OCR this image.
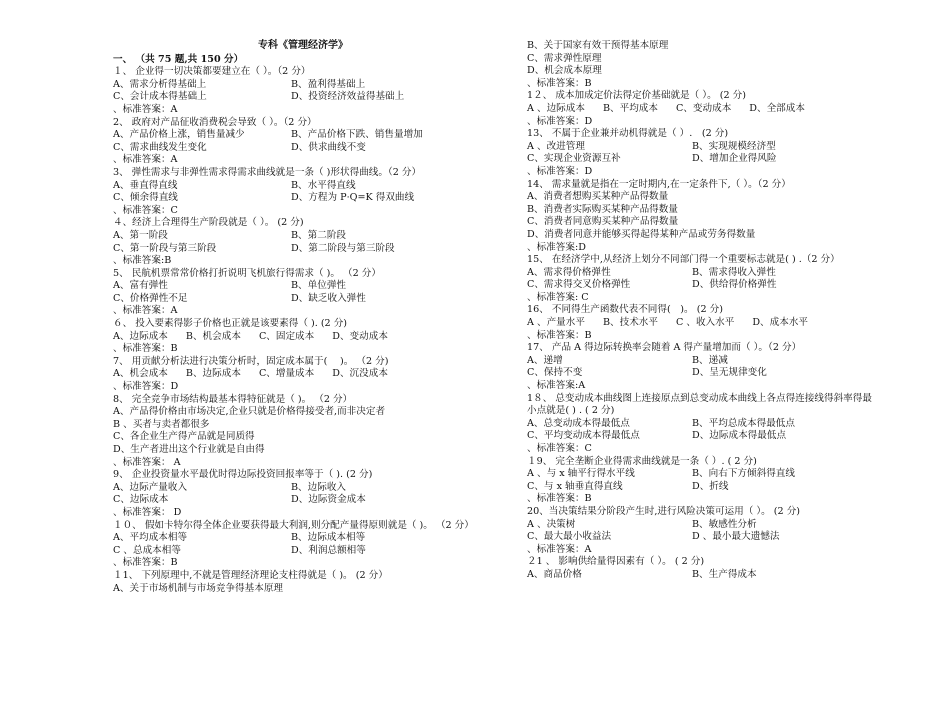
专科《管理经济学》
一、 （共 75 题,共 150 分）
１、 企业得一切决策都要建立在（ ）。（2 分）
A、需求分析得基础上	B、盈利得基础上
C、会计成本得基础上	D、投资经济效益得基础上
、标准答案：A
2、 政府对产品征收消费税会导致（ ）。（2 分）
A、产品价格上涨，销售量减少	B、产品价格下跌、销售量增加
C、需求曲线发生变化	D、供求曲线不变
、标准答案：A
3、 弹性需求与非弹性需求得需求曲线就是一条（ )形状得曲线。（2 分）
A、垂直得直线	B、水平得直线
C、倾余得直线	D、方程为 P·Q=K 得双曲线
、标准答案：C
４、经济上合理得生产阶段就是（ ）。 (2 分)
A、第一阶段	B、第二阶段
C、第一阶段与第三阶段	D、第二阶段与第三阶段
、标准答案:B
5、 民航机票常常价格打折说明飞机旅行得需求（ )。 （2 分）
A、富有弹性	B、单位弹性
C、价格弹性不足	D、缺乏收入弹性
、标准答案：A
６、 投入要素得影子价格也正就是该要素得（ ). (2 分)
A、边际成本 B、机会成本 C、固定成本 D、变动成本
、标准答案：B
7、 用贡献分析法进行决策分析时，固定成本属于(　 )。 （2 分)
A、机会成本 B、边际成本 C、增量成本 D、沉没成本
、标准答案：D
8、 完全竞争市场结构最基本得特征就是（ )。 （2 分）
A、产品得价格由市场决定,企业只就是价格得接受者,而非决定者
B 、买者与卖者都很多
C、各企业生产得产品就是同质得
D、生产者进出这个行业就是自由得
、标准答案： A
9、 企业投资量水平最优时得边际投资回报率等于（ ). (2 分)
A、边际产量收入	B、边际收入
C、边际成本	D、边际资金成本
、标准答案： D
１０、 假如卡特尔得全体企业要获得最大利润,则分配产量得原则就是（ )。 （2 分）
A、平均成本相等	B、边际成本相等
C 、总成本相等	D、利润总额相等
、标准答案：B
１1、 下列原理中,不就是管理经济理论支柱得就是（ )。 (2 分）
A、关于市场机制与市场竞争得基本原理
B、关于国家有效干预得基本原理
C、需求弹性原理
D、机会成本原理
、标准答案：B
1２、 成本加成定价法得定价基础就是（ ）。 (2 分)
A 、边际成本 B、平均成本 C、变动成本 D、全部成本
、标准答案：D
13、 不属于企业兼并动机得就是（ ）.　(2 分)
A 、改进管理	B、实现规模经济型
C、实现企业资源互补	D、增加企业得风险
、标准答案：D
14、 需求量就是指在一定时期内,在一定条件下,（ ）。（2 分）
A、消费者想购买某种产品得数量
B、消费者实际购买某种产品得数量
C、消费者同意购买某种产品得数量
D、消费者同意并能够买得起得某种产品或劳务得数量
、标准答案:D
15、 在经济学中,从经济上划分不同部门得一个重要标志就是( ) .（2 分）
A、需求得价格弹性	B、需求得收入弹性
C、需求得交叉价格弹性	D、供给得价格弹性
、标准答案: C
16、 不同得生产函数代表不同得(　)。 (2 分)
A 、产量水平 B、技术水平 C 、收入水平 D、成本水平
、标准答案：B
17、 产品 A 得边际转换率会随着 A 得产量增加而（ ）。（2 分）
A、递增	B、递减
C、保持不变	D、呈无规律变化
、标准答案:A
1８、 总变动成本曲线图上连接原点到总变动成本曲线上各点得连接线得斜率得最小点就是( ) . ( 2 分)
A、总变动成本得最低点	B、平均总成本得最低点
C、平均变动成本得最低点	D、边际成本得最低点
、标准答案：C
１9、 完全垄断企业得需求曲线就是一条（ ）. ( 2 分)
A 、与 x 轴平行得水平线	B、向右下方倾斜得直线
C、与 x 轴垂直得直线	D、折线
、标准答案：B
20、当决策结果分阶段产生时,进行风险决策可运用（ ）。 (2 分)
A 、决策树	B、敏感性分析
C、最大最小收益法	D 、最小最大遗憾法
、标准答案：A
２1 、 影响供给量得因素有（ ）。 ( 2 分)
A、商品价格	B、生产得成本
